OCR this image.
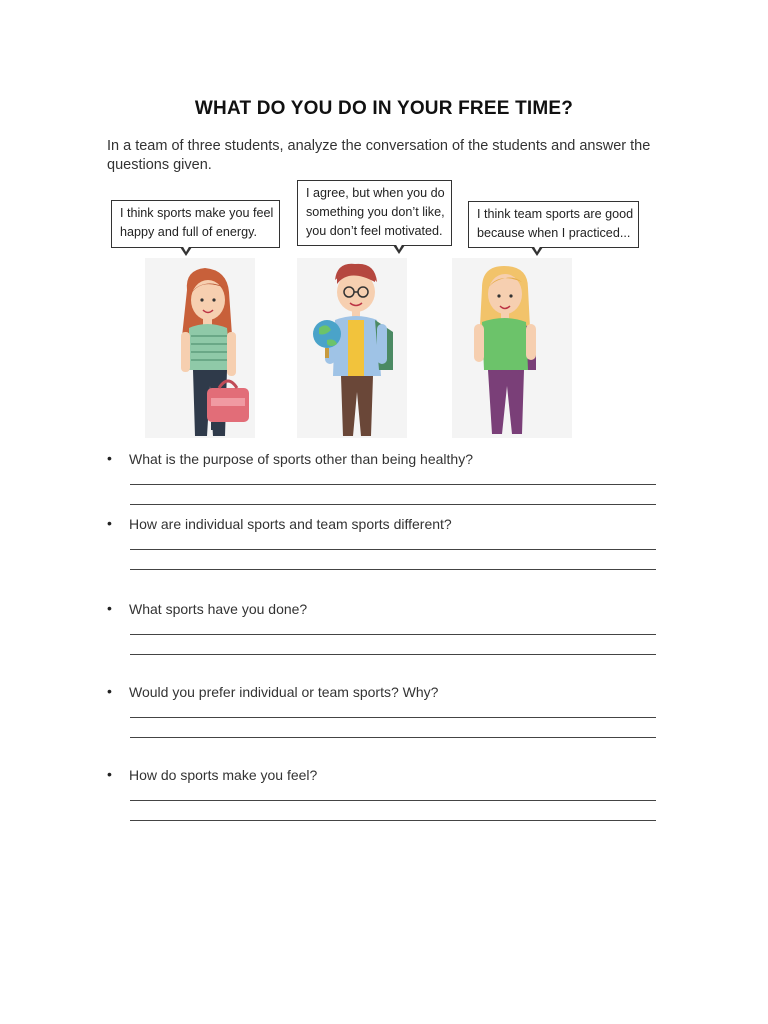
WHAT DO YOU DO IN YOUR FREE TIME?
In a team of three students, analyze the conversation of the students and answer the questions given.
I think sports make you feel
happy and full of energy.
I agree, but when you do
something you don’t like,
you don’t feel motivated.
I think team sports are good
because when I practiced...
• What is the purpose of sports other than being healthy?
• How are individual sports and team sports different?
• What sports have you done?
• Would you prefer individual or team sports? Why?
• How do sports make you feel?
